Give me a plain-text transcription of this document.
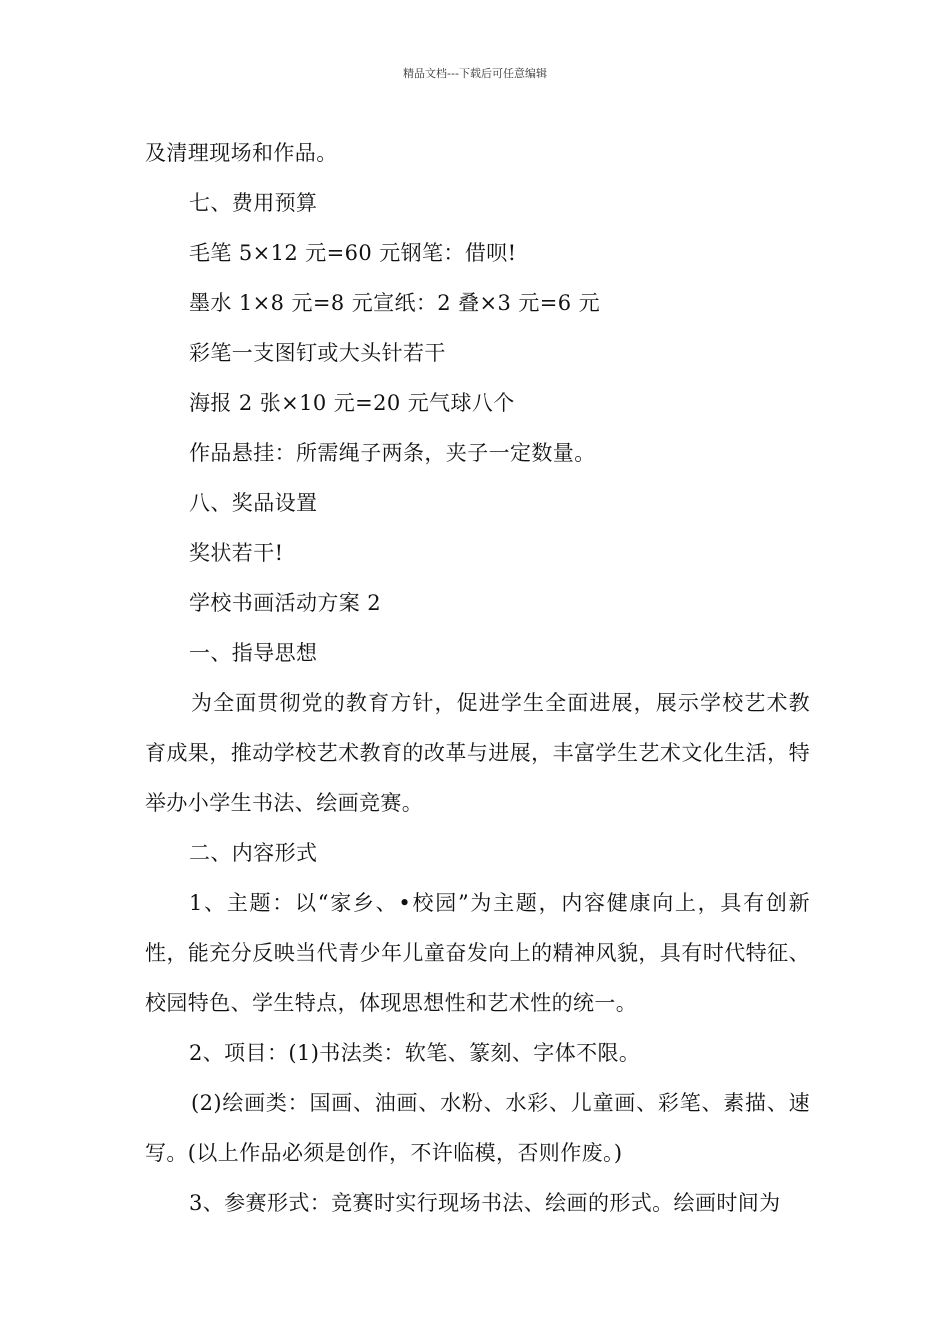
精品文档---下载后可任意编辑

及清理现场和作品。

七、费用预算

毛笔 5×12 元=60 元钢笔：借呗!

墨水 1×8 元=8 元宣纸：2 叠×3 元=6 元

彩笔一支图钉或大头针若干

海报 2 张×10 元=20 元气球八个

作品悬挂：所需绳子两条，夹子一定数量。

八、奖品设置

奖状若干!

学校书画活动方案 2

一、指导思想

为全面贯彻党的教育方针，促进学生全面进展，展示学校艺术教育成果，推动学校艺术教育的改革与进展，丰富学生艺术文化生活，特举办小学生书法、绘画竞赛。

二、内容形式

1、主题：以“家乡、•校园”为主题，内容健康向上，具有创新性，能充分反映当代青少年儿童奋发向上的精神风貌，具有时代特征、校园特色、学生特点，体现思想性和艺术性的统一。

2、项目：(1)书法类：软笔、篆刻、字体不限。

(2)绘画类：国画、油画、水粉、水彩、儿童画、彩笔、素描、速写。(以上作品必须是创作，不许临模，否则作废。)

3、参赛形式：竞赛时实行现场书法、绘画的形式。绘画时间为
